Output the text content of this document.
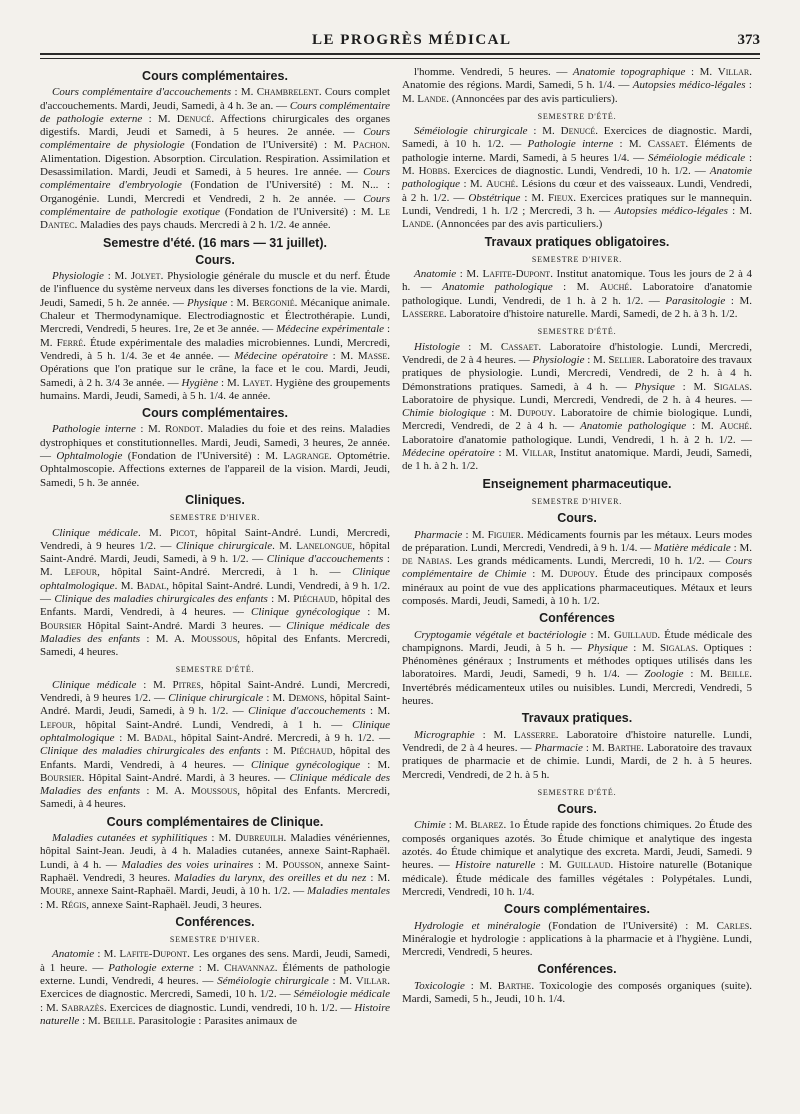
LE PROGRÈS MÉDICAL	373
Cours complémentaires.

Cours complémentaire d'accouchements : M. Chambrelent. Cours complet d'accouchements. Mardi, Jeudi, Samedi, à 4 h. 3e an. — Cours complémentaire de pathologie externe : M. Denucé. Affections chirurgicales des organes digestifs. Mardi, Jeudi et Samedi, à 5 heures. 2e année. — Cours complémentaire de physiologie (Fondation de l'Université) : M. Pachon. Alimentation. Digestion. Absorption. Circulation. Respiration. Assimilation et Desassimilation. Mardi, Jeudi et Samedi, à 5 heures. 1re année. — Cours complémentaire d'embryologie (Fondation de l'Université) : M. N... : Organogénie. Lundi, Mercredi et Vendredi, 2 h. 2e année. — Cours complémentaire de pathologie exotique (Fondation de l'Université) : M. Le Dantec. Maladies des pays chauds. Mercredi à 2 h. 1/2. 4e année.

Semestre d'été. (16 mars — 31 juillet).
Cours.

Physiologie : M. Jolyet. Physiologie générale du muscle et du nerf. Étude de l'influence du système nerveux dans les diverses fonctions de la vie. Mardi, Jeudi, Samedi, 5 h. 2e année. — Physique : M. Bergonié. Mécanique animale. Chaleur et Thermodynamique. Electrodiagnostic et Électrothérapie. Lundi, Mercredi, Vendredi, 5 heures. 1re, 2e et 3e année. — Médecine expérimentale : M. Ferré. Étude expérimentale des maladies microbiennes. Lundi, Mercredi, Vendredi, à 5 h. 1/4. 3e et 4e année. — Médecine opératoire : M. Masse. Opérations que l'on pratique sur le crâne, la face et le cou. Mardi, Jeudi, Samedi, à 2 h. 3/4 3e année. — Hygiène : M. Layet. Hygiène des groupements humains. Mardi, Jeudi, Samedi, à 5 h. 1/4. 4e année.

Cours complémentaires.

Pathologie interne : M. Rondot. Maladies du foie et des reins. Maladies dystrophiques et constitutionnelles. Mardi, Jeudi, Samedi, 3 heures, 2e année. — Ophtalmologie (Fondation de l'Université) : M. Lagrange. Optométrie. Ophtalmoscopie. Affections externes de l'appareil de la vision. Mardi, Jeudi, Samedi, 5 h. 3e année.

Cliniques.
SEMESTRE D'HIVER.

Clinique médicale. M. Picot, hôpital Saint-André. Lundi, Mercredi, Vendredi, à 9 heures 1/2. — Clinique chirurgicale. M. Lanelongue, hôpital Saint-André. Mardi, Jeudi, Samedi, à 9 h. 1/2. — Clinique d'accouchements : M. Lefour, hôpital Saint-André. Mercredi, à 1 h. — Clinique ophtalmologique. M. Badal, hôpital Saint-André. Lundi, Vendredi, à 9 h. 1/2. — Clinique des maladies chirurgicales des enfants : M. Piéchaud, hôpital des Enfants. Mardi, Vendredi, à 4 heures. — Clinique gynécologique : M. Boursier Hôpital Saint-André. Mardi 3 heures. — Clinique médicale des Maladies des enfants : M. A. Moussous, hôpital des Enfants. Mercredi, Samedi, 4 heures.

SEMESTRE D'ÉTÉ.

Clinique médicale : M. Pitres, hôpital Saint-André. Lundi, Mercredi, Vendredi, à 9 heures 1/2. — Clinique chirurgicale : M. Demons, hôpital Saint-André. Mardi, Jeudi, Samedi, à 9 h. 1/2. — Clinique d'accouchements : M. Lefour, hôpital Saint-André. Lundi, Vendredi, à 1 h. — Clinique ophtalmologique : M. Badal, hôpital Saint-André. Mercredi, à 9 h. 1/2. — Clinique des maladies chirurgicales des enfants : M. Piéchaud, hôpital des Enfants. Mardi, Vendredi, à 4 heures. — Clinique gynécologique : M. Boursier. Hôpital Saint-André. Mardi, à 3 heures. — Clinique médicale des Maladies des enfants : M. A. Moussous, hôpital des Enfants. Mercredi, Samedi, à 4 heures.

Cours complémentaires de Clinique.

Maladies cutanées et syphilitiques : M. Dubreuilh. Maladies vénériennes, hôpital Saint-Jean. Jeudi, à 4 h. Maladies cutanées, annexe Saint-Raphaël. Lundi, à 4 h. — Maladies des voies urinaires : M. Pousson, annexe Saint-Raphaël. Vendredi, 3 heures. Maladies du larynx, des oreilles et du nez : M. Moure, annexe Saint-Raphaël. Mardi, Jeudi, à 10 h. 1/2. — Maladies mentales : M. Régis, annexe Saint-Raphaël. Jeudi, 3 heures.

Conférences.
SEMESTRE D'HIVER.

Anatomie : M. Lafite-Dupont. Les organes des sens. Mardi, Jeudi, Samedi, à 1 heure. — Pathologie externe : M. Chavannaz. Éléments de pathologie externe. Lundi, Vendredi, 4 heures. — Séméiologie chirurgicale : M. Villar. Exercices de diagnostic. Mercredi, Samedi, 10 h. 1/2. — Séméiologie médicale : M. Sabrazès. Exercices de diagnostic. Lundi, vendredi, 10 h. 1/2. — Histoire naturelle : M. Beille. Parasitologie : Parasites animaux de

l'homme. Vendredi, 5 heures. — Anatomie topographique : M. Villar. Anatomie des régions. Mardi, Samedi, 5 h. 1/4. — Autopsies médico-légales : M. Lande. (Annoncées par des avis particuliers).

SEMESTRE D'ÉTÉ.

Séméiologie chirurgicale : M. Denucé. Exercices de diagnostic. Mardi, Samedi, à 10 h. 1/2. — Pathologie interne : M. Cassaet. Éléments de pathologie interne. Mardi, Samedi, à 5 heures 1/4. — Séméiologie médicale : M. Hobbs. Exercices de diagnostic. Lundi, Vendredi, 10 h. 1/2. — Anatomie pathologique : M. Auché. Lésions du cœur et des vaisseaux. Lundi, Vendredi, à 2 h. 1/2. — Obstétrique : M. Fieux. Exercices pratiques sur le mannequin. Lundi, Vendredi, 1 h. 1/2 ; Mercredi, 3 h. — Autopsies médico-légales : M. Lande. (Annoncées par des avis particuliers.)

Travaux pratiques obligatoires.
SEMESTRE D'HIVER.

Anatomie : M. Lafite-Dupont. Institut anatomique. Tous les jours de 2 à 4 h. — Anatomie pathologique : M. Auché. Laboratoire d'anatomie pathologique. Lundi, Vendredi, de 1 h. à 2 h. 1/2. — Parasitologie : M. Lasserre. Laboratoire d'histoire naturelle. Mardi, Samedi, de 2 h. à 3 h. 1/2.

SEMESTRE D'ÉTÉ.

Histologie : M. Cassaet. Laboratoire d'histologie. Lundi, Mercredi, Vendredi, de 2 à 4 heures. — Physiologie : M. Sellier. Laboratoire des travaux pratiques de physiologie. Lundi, Mercredi, Vendredi, de 2 h. à 4 h. Démonstrations pratiques. Samedi, à 4 h. — Physique : M. Sigalas. Laboratoire de physique. Lundi, Mercredi, Vendredi, de 2 h. à 4 heures. — Chimie biologique : M. Dupouy. Laboratoire de chimie biologique. Lundi, Mercredi, Vendredi, de 2 à 4 h. — Anatomie pathologique : M. Auché. Laboratoire d'anatomie pathologique. Lundi, Vendredi, 1 h. à 2 h. 1/2. — Médecine opératoire : M. Villar, Institut anatomique. Mardi, Jeudi, Samedi, de 1 h. à 2 h. 1/2.

Enseignement pharmaceutique.
SEMESTRE D'HIVER.
Cours.

Pharmacie : M. Figuier. Médicaments fournis par les métaux. Leurs modes de préparation. Lundi, Mercredi, Vendredi, à 9 h. 1/4. — Matière médicale : M. de Nabias. Les grands médicaments. Lundi, Mercredi, 10 h. 1/2. — Cours complémentaire de Chimie : M. Dupouy. Étude des principaux composés minéraux au point de vue des applications pharmaceutiques. Métaux et leurs composés. Mardi, Jeudi, Samedi, à 10 h. 1/2.

Conférences

Cryptogamie végétale et bactériologie : M. Guillaud. Étude médicale des champignons. Mardi, Jeudi, à 5 h. — Physique : M. Sigalas. Optiques : Phénomènes généraux ; Instruments et méthodes optiques utilisés dans les laboratoires. Mardi, Jeudi, Samedi, 9 h. 1/4. — Zoologie : M. Beille. Invertébrés médicamenteux utiles ou nuisibles. Lundi, Mercredi, Vendredi, 5 heures.

Travaux pratiques.

Micrographie : M. Lasserre. Laboratoire d'histoire naturelle. Lundi, Vendredi, de 2 à 4 heures. — Pharmacie : M. Barthe. Laboratoire des travaux pratiques de pharmacie et de chimie. Lundi, Mardi, de 2 h. à 5 heures. Mercredi, Vendredi, de 2 h. à 5 h.

SEMESTRE D'ÉTÉ.
Cours.

Chimie : M. Blarez. 1o Étude rapide des fonctions chimiques. 2o Étude des composés organiques azotés. 3o Étude chimique et analytique des ingesta azotés. 4o Étude chimique et analytique des excreta. Mardi, Jeudi, Samedi. 9 heures. — Histoire naturelle : M. Guillaud. Histoire naturelle (Botanique médicale). Étude médicale des familles végétales : Polypétales. Lundi, Mercredi, Vendredi, 10 h. 1/4.

Cours complémentaires.

Hydrologie et minéralogie (Fondation de l'Université) : M. Carles. Minéralogie et hydrologie : applications à la pharmacie et à l'hygiène. Lundi, Mercredi, Vendredi, 5 heures.

Conférences.

Toxicologie : M. Barthe. Toxicologie des composés organiques (suite). Mardi, Samedi, 5 h., Jeudi, 10 h. 1/4.
